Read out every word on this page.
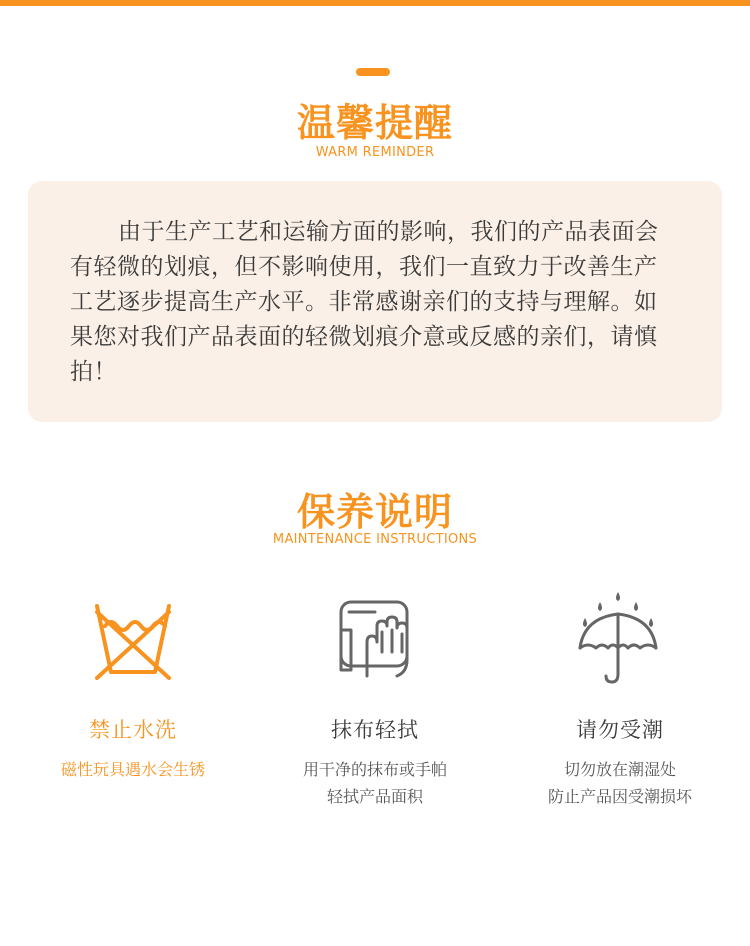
温馨提醒
WARM REMINDER

由于生产工艺和运输方面的影响，我们的产品表面会有轻微的划痕，但不影响使用，我们一直致力于改善生产工艺逐步提高生产水平。非常感谢亲们的支持与理解。如果您对我们产品表面的轻微划痕介意或反感的亲们，请慎拍！

保养说明
MAINTENANCE INSTRUCTIONS
禁止水洗
磁性玩具遇水会生锈
抹布轻拭
用干净的抹布或手帕
轻拭产品面积
请勿受潮
切勿放在潮湿处
防止产品因受潮损坏
